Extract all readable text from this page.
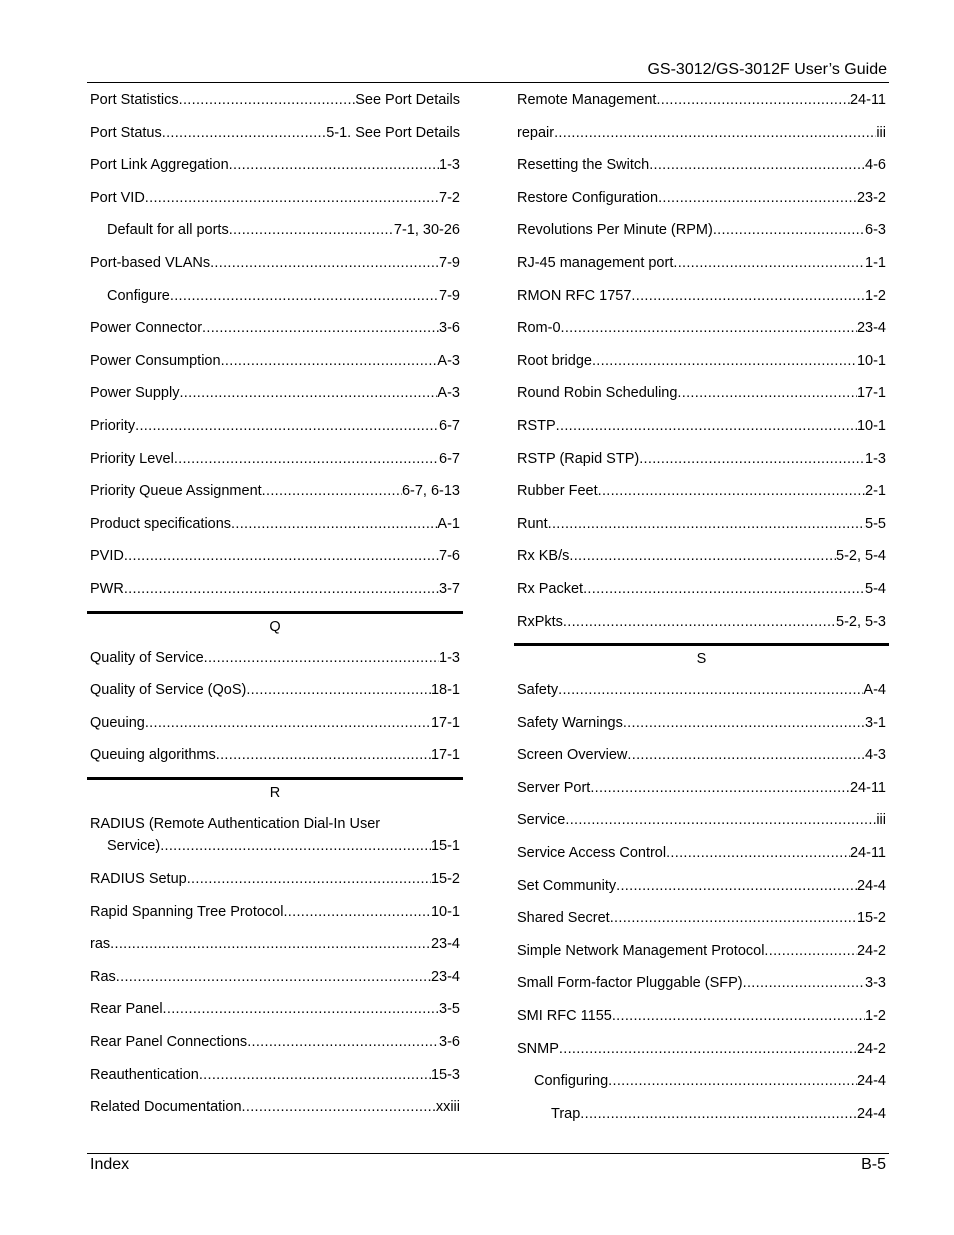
GS-3012/GS-3012F User’s Guide
Port Statistics .....	See Port Details
Port Status .....	5-1. See Port Details
Port Link Aggregation .....	1-3
Port VID .....	7-2
Default for all ports .....	7-1, 30-26
Port-based VLANs .....	7-9
Configure .....	7-9
Power Connector .....	3-6
Power Consumption .....	A-3
Power Supply .....	A-3
Priority .....	6-7
Priority Level .....	6-7
Priority Queue Assignment .....	6-7, 6-13
Product specifications .....	A-1
PVID .....	7-6
PWR .....	3-7
Q
Quality of Service .....	1-3
Quality of Service (QoS) .....	18-1
Queuing .....	17-1
Queuing algorithms .....	17-1
R
RADIUS (Remote Authentication Dial-In User
Service) .....	15-1
RADIUS Setup .....	15-2
Rapid Spanning Tree Protocol .....	10-1
ras .....	23-4
Ras .....	23-4
Rear Panel .....	3-5
Rear Panel Connections .....	3-6
Reauthentication .....	15-3
Related Documentation .....	xxiii
Remote Management .....	24-11
repair .....	iii
Resetting the Switch .....	4-6
Restore Configuration .....	23-2
Revolutions Per Minute (RPM) .....	6-3
RJ-45 management port .....	1-1
RMON RFC 1757 .....	1-2
Rom-0 .....	23-4
Root bridge .....	10-1
Round Robin Scheduling .....	17-1
RSTP .....	10-1
RSTP (Rapid STP) .....	1-3
Rubber Feet .....	2-1
Runt .....	5-5
Rx KB/s .....	5-2, 5-4
Rx Packet .....	5-4
RxPkts .....	5-2, 5-3
S
Safety .....	A-4
Safety Warnings .....	3-1
Screen Overview .....	4-3
Server Port .....	24-11
Service .....	iii
Service Access Control .....	24-11
Set Community .....	24-4
Shared Secret .....	15-2
Simple Network Management Protocol .....	24-2
Small Form-factor Pluggable (SFP) .....	3-3
SMI RFC 1155 .....	1-2
SNMP .....	24-2
Configuring .....	24-4
Trap .....	24-4
Index	B-5
